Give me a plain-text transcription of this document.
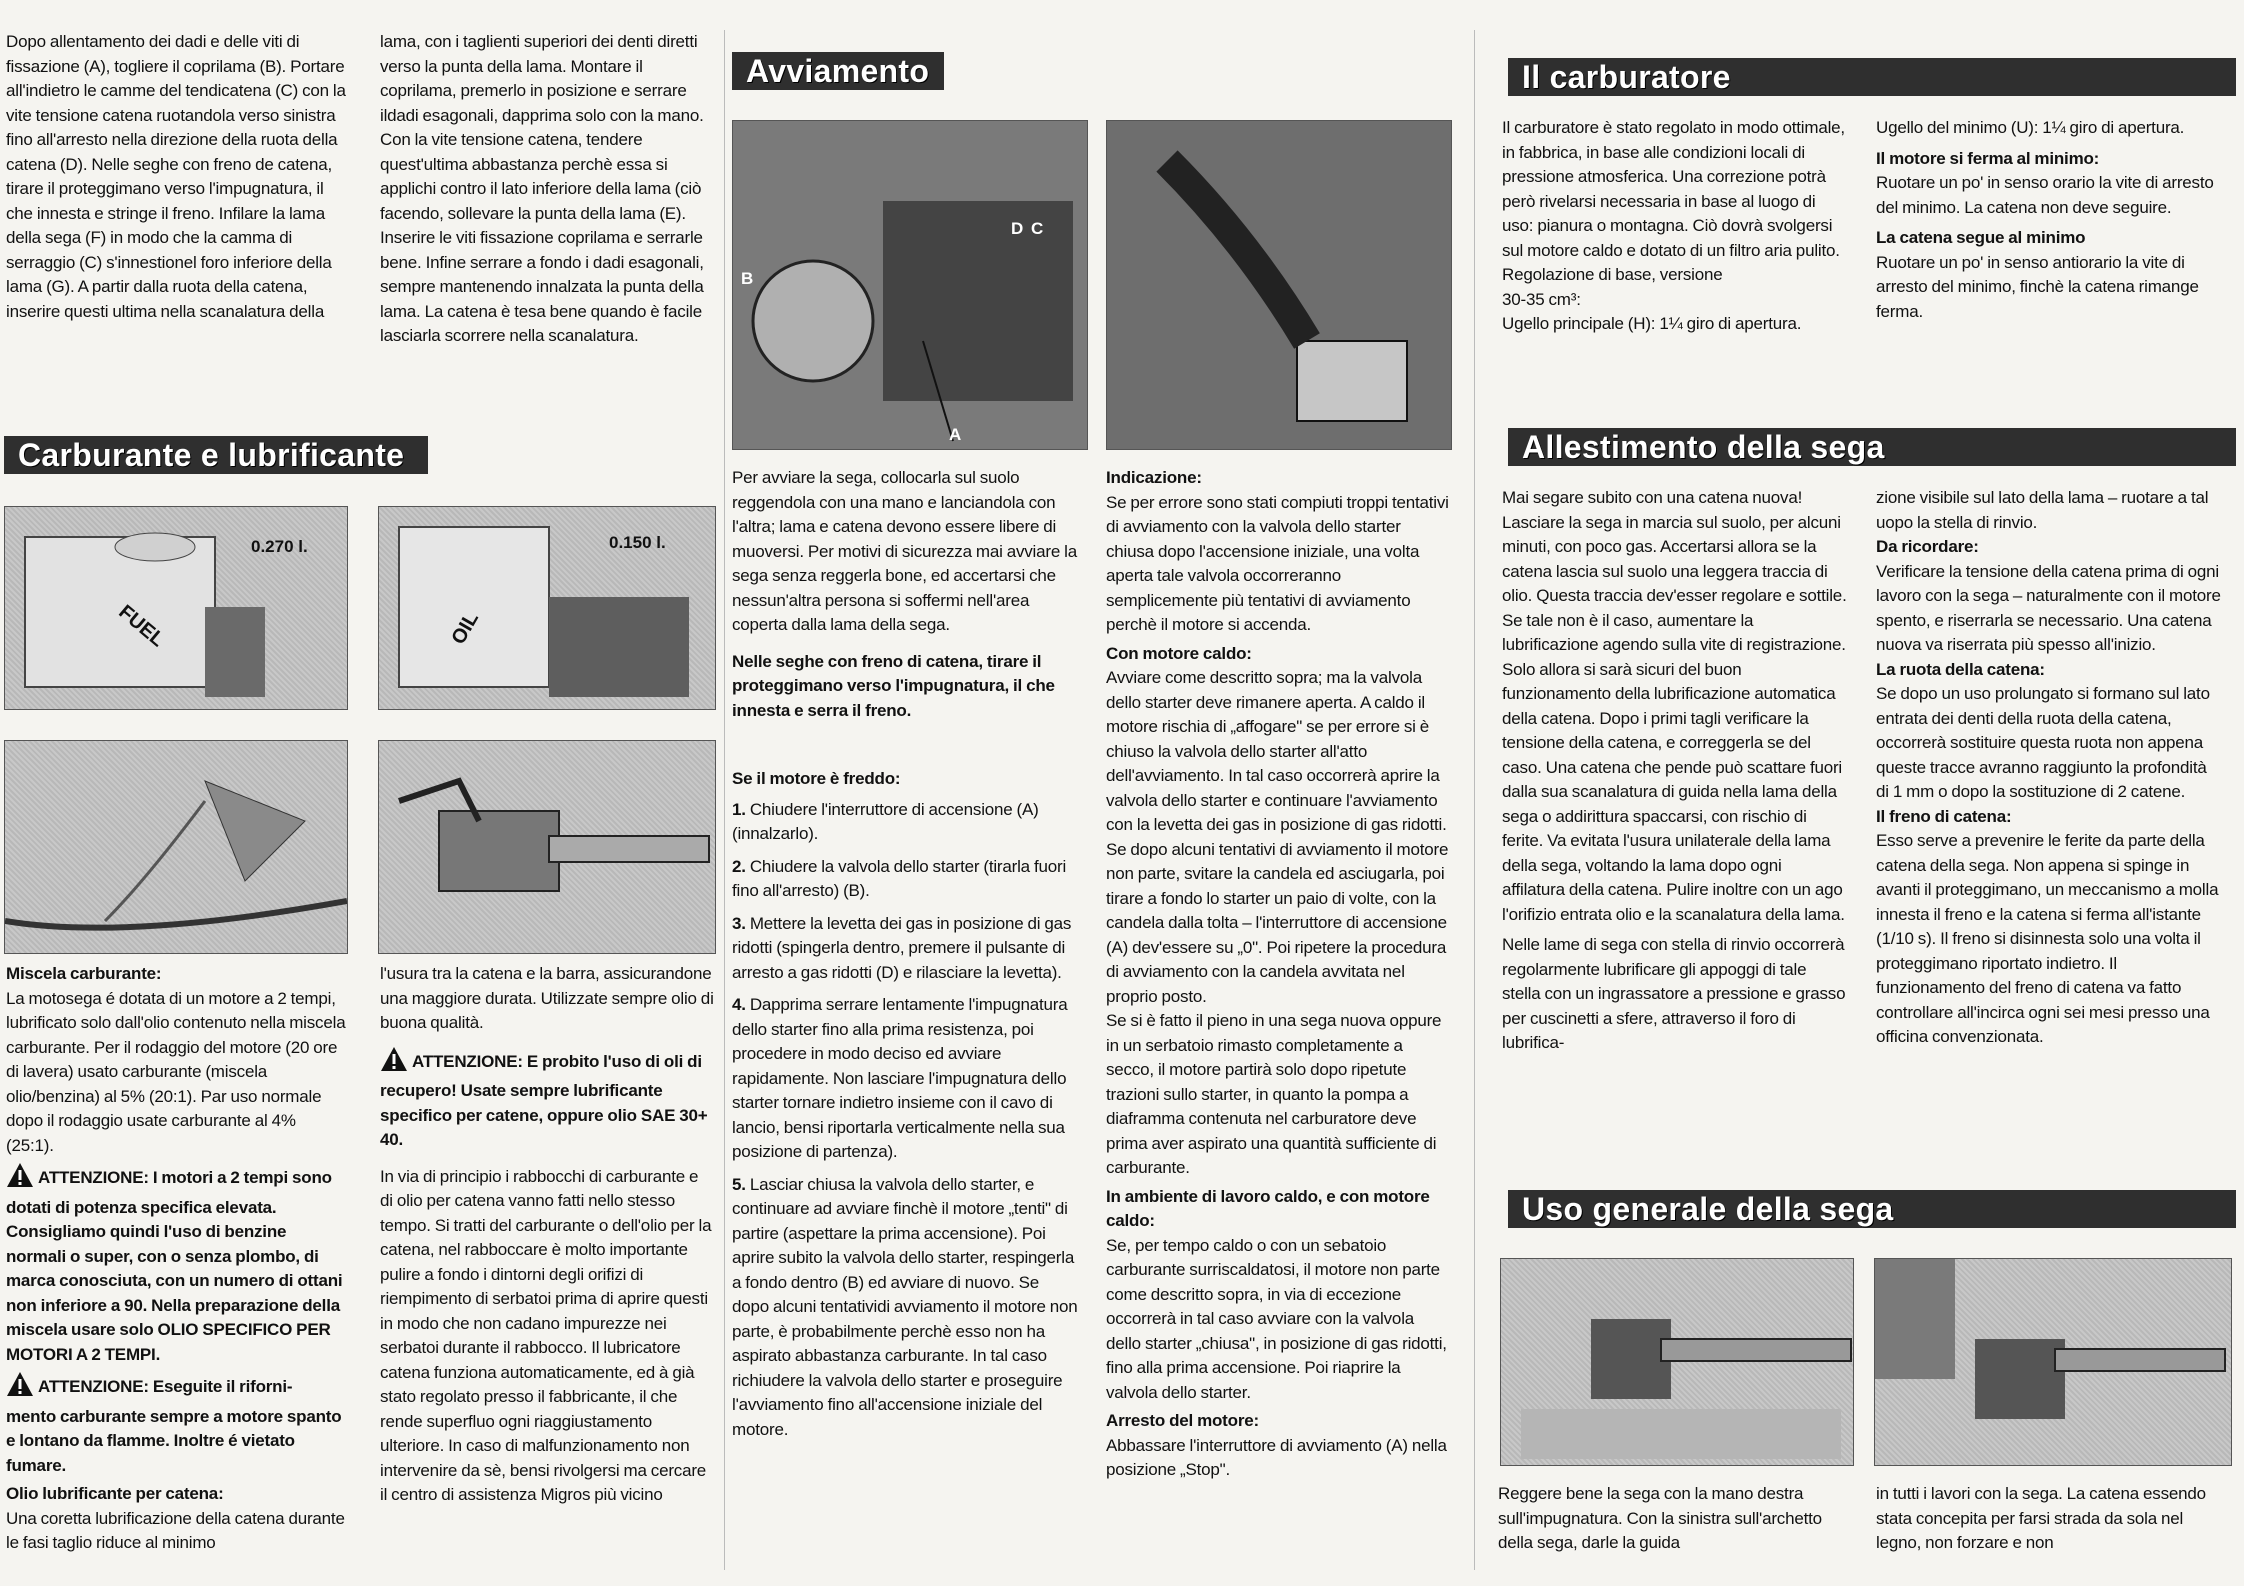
Dopo allentamento dei dadi e delle viti di fissazione (A), togliere il coprilama (B). Portare all'indietro le camme del tendicatena (C) con la vite tensione catena ruotandola verso sinistra fino all'arresto nella direzione della ruota della catena (D). Nelle seghe con freno de catena, tirare il proteggimano verso l'impugnatura, il che innesta e stringe il freno. Infilare la lama della sega (F) in modo che la camma di serraggio (C) s'innestionel foro inferiore della lama (G). A partir dalla ruota della catena, inserire questi ultima nella scanalatura della

lama, con i taglienti superiori dei denti diretti verso la punta della lama. Montare il coprilama, premerlo in posizione e serrare ildadi esagonali, dapprima solo con la mano. Con la vite tensione catena, tendere quest'ultima abbastanza perchè essa si applichi contro il lato inferiore della lama (ciò facendo, sollevare la punta della lama (E). Inserire le viti fissazione coprilama e serrarle bene. Infine serrare a fondo i dadi esagonali, sempre mantenendo innalzata la punta della lama. La catena è tesa bene quando è facile lasciarla scorrere nella scanalatura.

Carburante e lubrificante
0.270 l.
FUEL
0.150 l.
OIL

Miscela carburante:
La motosega é dotata di un motore a 2 tempi, lubrificato solo dall'olio contenuto nella miscela carburante. Per il rodaggio del motore (20 ore di lavera) usato carburante (miscela olio/benzina) al 5% (20:1). Par uso normale dopo il rodaggio usate carburante al 4% (25:1).

ATTENZIONE: I motori a 2 tempi sono dotati di potenza specifica elevata. Consigliamo quindi l'uso di benzine normali o super, con o senza plombo, di marca conosciuta, con un numero di ottani non inferiore a 90. Nella preparazione della miscela usare solo OLIO SPECIFICO PER MOTORI A 2 TEMPI.
ATTENZIONE: Eseguite il riforni- mento carburante sempre a motore spanto e lontano da flamme. Inoltre é vietato fumare.

Olio lubrificante per catena:
Una coretta lubrificazione della catena durante le fasi taglio riduce al minimo

l'usura tra la catena e la barra, assicurandone una maggiore durata. Utilizzate sempre olio di buona qualità.

ATTENZIONE: E probito l'uso di oli di recupero! Usate sempre lubrificante specifico per catene, oppure olio SAE 30+ 40.

In via di principio i rabbocchi di carburante e di olio per catena vanno fatti nello stesso tempo. Si tratti del carburante o dell'olio per la catena, nel rabboccare è molto importante pulire a fondo i dintorni degli orifizi di riempimento di serbatoi prima di aprire questi in modo che non cadano impurezze nei serbatoi durante il rabbocco. Il lubricatore catena funziona automaticamente, ed à già stato regolato presso il fabbricante, il che rende superfluo ogni riaggiustamento ulteriore. In caso di malfunzionamento non intervenire da sè, bensi rivolgersi ma cercare il centro di assistenza Migros più vicino

Avviamento
B
D C
A

Per avviare la sega, collocarla sul suolo reggendola con una mano e lanciandola con l'altra; lama e catena devono essere libere di muoversi. Per motivi di sicurezza mai avviare la sega senza reggerla bone, ed accertarsi che nessun'altra persona si soffermi nell'area coperta dalla lama della sega.

Nelle seghe con freno di catena, tirare il proteggimano verso l'impugnatura, il che innesta e serra il freno.

Se il motore è freddo:

1. Chiudere l'interruttore di accensione (A) (innalzarlo).

2. Chiudere la valvola dello starter (tirarla fuori fino all'arresto) (B).

3. Mettere la levetta dei gas in posizione di gas ridotti (spingerla dentro, premere il pulsante di arresto a gas ridotti (D) e rilasciare la levetta).

4. Dapprima serrare lentamente l'impugnatura dello starter fino alla prima resistenza, poi procedere in modo deciso ed avviare rapidamente. Non lasciare l'impugnatura dello starter tornare indietro insieme con il cavo di lancio, bensi riportarla verticalmente nella sua posizione di partenza).

5. Lasciar chiusa la valvola dello starter, e continuare ad avviare finchè il motore „tenti" di partire (aspettare la prima accensione). Poi aprire subito la valvola dello starter, respingerla a fondo dentro (B) ed avviare di nuovo. Se dopo alcuni tentatividi avviamento il motore non parte, è probabilmente perchè esso non ha aspirato abbastanza carburante. In tal caso richiudere la valvola dello starter e proseguire l'avviamento fino all'accensione iniziale del motore.

Indicazione:
Se per errore sono stati compiuti troppi tentativi di avviamento con la valvola dello starter chiusa dopo l'accensione iniziale, una volta aperta tale valvola occorreranno semplicemente più tentativi di avviamento perchè il motore si accenda.

Con motore caldo:
Avviare come descritto sopra; ma la valvola dello starter deve rimanere aperta. A caldo il motore rischia di „affogare" se per errore si è chiuso la valvola dello starter all'atto dell'avviamento. In tal caso occorrerà aprire la valvola dello starter e continuare l'avviamento con la levetta dei gas in posizione di gas ridotti. Se dopo alcuni tentativi di avviamento il motore non parte, svitare la candela ed asciugarla, poi tirare a fondo lo starter un paio di volte, con la candela dalla tolta – l'interruttore di accensione (A) dev'essere su „0". Poi ripetere la procedura di avviamento con la candela avvitata nel proprio posto.

Se si è fatto il pieno in una sega nuova oppure in un serbatoio rimasto completamente a secco, il motore partirà solo dopo ripetute trazioni sullo starter, in quanto la pompa a diaframma contenuta nel carburatore deve prima aver aspirato una quantità sufficiente di carburante.

In ambiente di lavoro caldo, e con motore caldo:
Se, per tempo caldo o con un sebatoio carburante surriscaldatosi, il motore non parte come descritto sopra, in via di eccezione occorrerà in tal caso avviare con la valvola dello starter „chiusa", in posizione di gas ridotti, fino alla prima accensione. Poi riaprire la valvola dello starter.

Arresto del motore:
Abbassare l'interruttore di avviamento (A) nella posizione „Stop".

Il carburatore

Il carburatore è stato regolato in modo ottimale, in fabbrica, in base alle condizioni locali di pressione atmosferica. Una correzione potrà però rivelarsi necessaria in base al luogo di uso: pianura o montagna. Ciò dovrà svolgersi sul motore caldo e dotato di un filtro aria pulito.

Regolazione di base, versione

30-35 cm³:

Ugello principale (H): 1¼ giro di apertura.

Ugello del minimo (U): 1¼ giro di apertura.

Il motore si ferma al minimo:
Ruotare un po' in senso orario la vite di arresto del minimo. La catena non deve seguire.

La catena segue al minimo
Ruotare un po' in senso antiorario la vite di arresto del minimo, finchè la catena rimange ferma.

Allestimento della sega

Mai segare subito con una catena nuova! Lasciare la sega in marcia sul suolo, per alcuni minuti, con poco gas. Accertarsi allora se la catena lascia sul suolo una leggera traccia di olio. Questa traccia dev'esser regolare e sottile. Se tale non è il caso, aumentare la lubrificazione agendo sulla vite di registrazione. Solo allora si sarà sicuri del buon funzionamento della lubrificazione automatica della catena. Dopo i primi tagli verificare la tensione della catena, e correggerla se del caso. Una catena che pende può scattare fuori dalla sua scanalatura di guida nella lama della sega o addirittura spaccarsi, con rischio di ferite. Va evitata l'usura unilaterale della lama della sega, voltando la lama dopo ogni affilatura della catena. Pulire inoltre con un ago l'orifizio entrata olio e la scanalatura della lama.

Nelle lame di sega con stella di rinvio occorrerà regolarmente lubrificare gli appoggi di tale stella con un ingrassatore a pressione e grasso per cuscinetti a sfere, attraverso il foro di lubrifica-

zione visibile sul lato della lama – ruotare a tal uopo la stella di rinvio.

Da ricordare:
Verificare la tensione della catena prima di ogni lavoro con la sega – naturalmente con il motore spento, e riserrarla se necessario. Una catena nuova va riserrata più spesso all'inizio.

La ruota della catena:
Se dopo un uso prolungato si formano sul lato entrata dei denti della ruota della catena, occorrerà sostituire questa ruota non appena queste tracce avranno raggiunto la profondità di 1 mm o dopo la sostituzione di 2 catene.

Il freno di catena:
Esso serve a prevenire le ferite da parte della catena della sega. Non appena si spinge in avanti il proteggimano, un meccanismo a molla innesta il freno e la catena si ferma all'istante (1/10 s). Il freno si disinnesta solo una volta il proteggimano riportato indietro. Il funzionamento del freno di catena va fatto controllare all'incirca ogni sei mesi presso una officina convenzionata.

Uso generale della sega

Reggere bene la sega con la mano destra sull'impugnatura. Con la sinistra sull'archetto della sega, darle la guida

in tutti i lavori con la sega. La catena essendo stata concepita per farsi strada da sola nel legno, non forzare e non
